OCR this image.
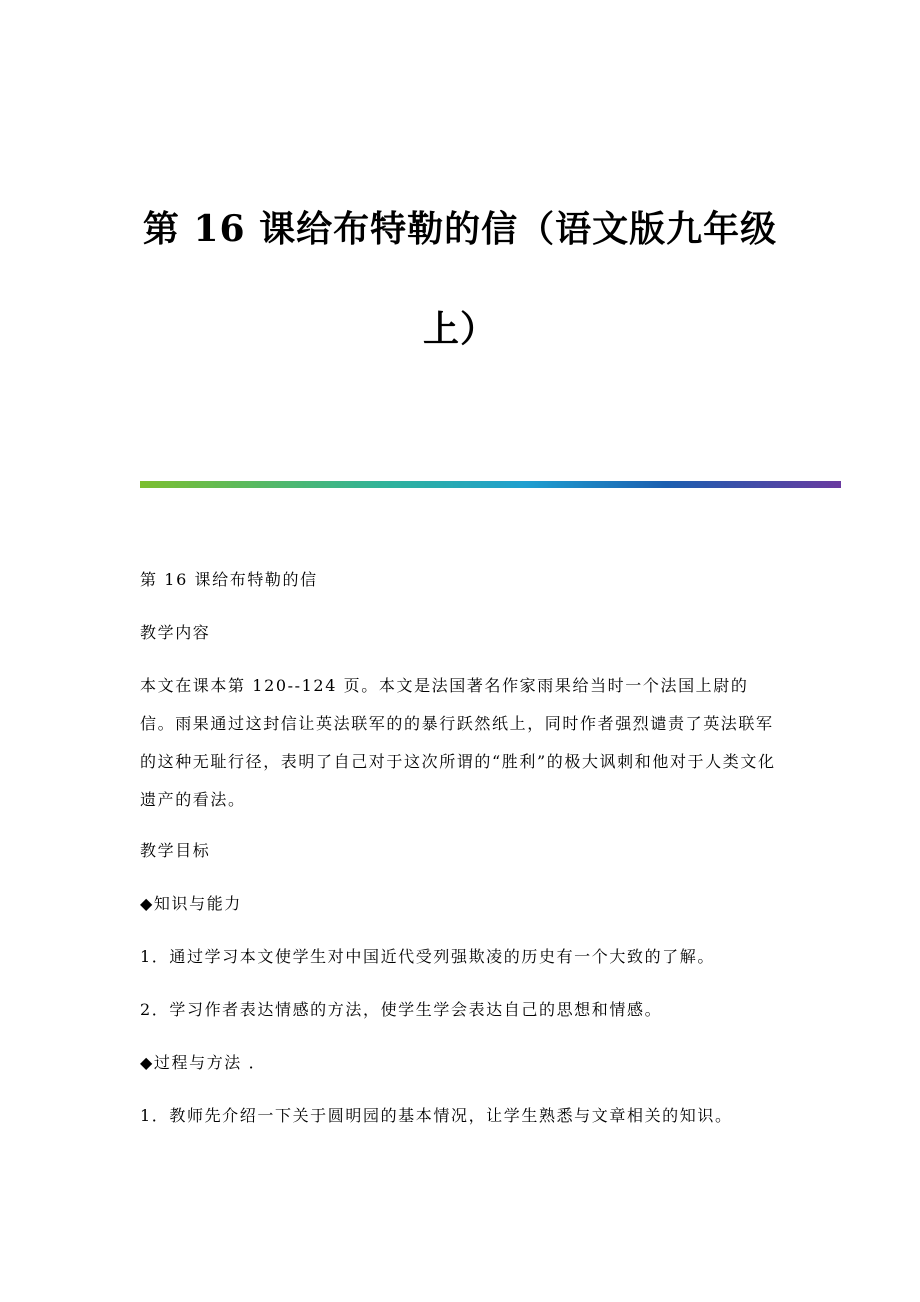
第 16 课给布特勒的信（语文版九年级
上）

第 16 课给布特勒的信

教学内容

本文在课本第 120--124 页。本文是法国著名作家雨果给当时一个法国上尉的信。雨果通过这封信让英法联军的的暴行跃然纸上，同时作者强烈谴责了英法联军的这种无耻行径，表明了自己对于这次所谓的“胜利”的极大讽刺和他对于人类文化遗产的看法。

教学目标

◆知识与能力

1．通过学习本文使学生对中国近代受列强欺凌的历史有一个大致的了解。

2．学习作者表达情感的方法，使学生学会表达自己的思想和情感。

◆过程与方法 ．

1．教师先介绍一下关于圆明园的基本情况，让学生熟悉与文章相关的知识。
